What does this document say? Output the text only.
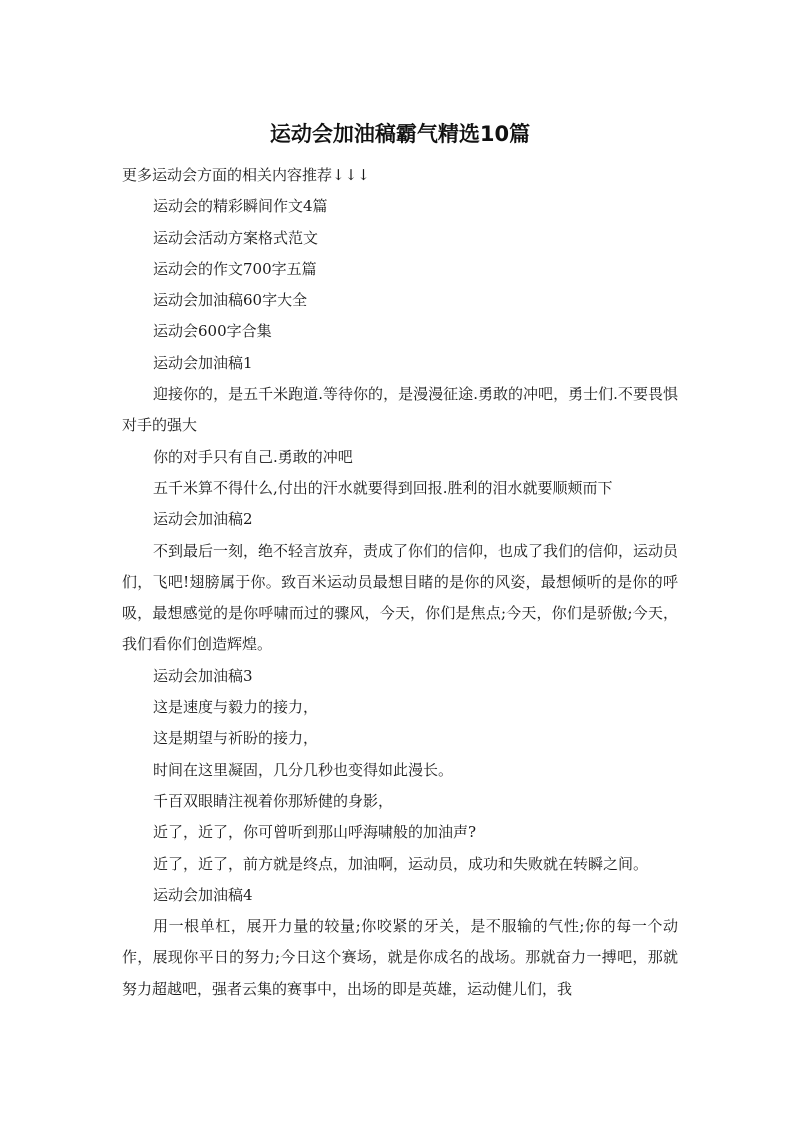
运动会加油稿霸气精选10篇

更多运动会方面的相关内容推荐↓↓↓

运动会的精彩瞬间作文4篇

运动会活动方案格式范文

运动会的作文700字五篇

运动会加油稿60字大全

运动会600字合集

运动会加油稿1

迎接你的，是五千米跑道.等待你的，是漫漫征途.勇敢的冲吧，勇士们.不要畏惧对手的强大

你的对手只有自己.勇敢的冲吧

五千米算不得什么,付出的汗水就要得到回报.胜利的泪水就要顺颊而下

运动会加油稿2

不到最后一刻，绝不轻言放弃，责成了你们的信仰，也成了我们的信仰，运动员们，飞吧!翅膀属于你。致百米运动员最想目睹的是你的风姿，最想倾听的是你的呼吸，最想感觉的是你呼啸而过的骤风，今天，你们是焦点;今天，你们是骄傲;今天，我们看你们创造辉煌。

运动会加油稿3

这是速度与毅力的接力，

这是期望与祈盼的接力，

时间在这里凝固，几分几秒也变得如此漫长。

千百双眼睛注视着你那矫健的身影，

近了，近了，你可曾听到那山呼海啸般的加油声?

近了，近了，前方就是终点，加油啊，运动员，成功和失败就在转瞬之间。

运动会加油稿4

用一根单杠，展开力量的较量;你咬紧的牙关，是不服输的气性;你的每一个动作，展现你平日的努力;今日这个赛场，就是你成名的战场。那就奋力一搏吧，那就努力超越吧，强者云集的赛事中，出场的即是英雄，运动健儿们，我
